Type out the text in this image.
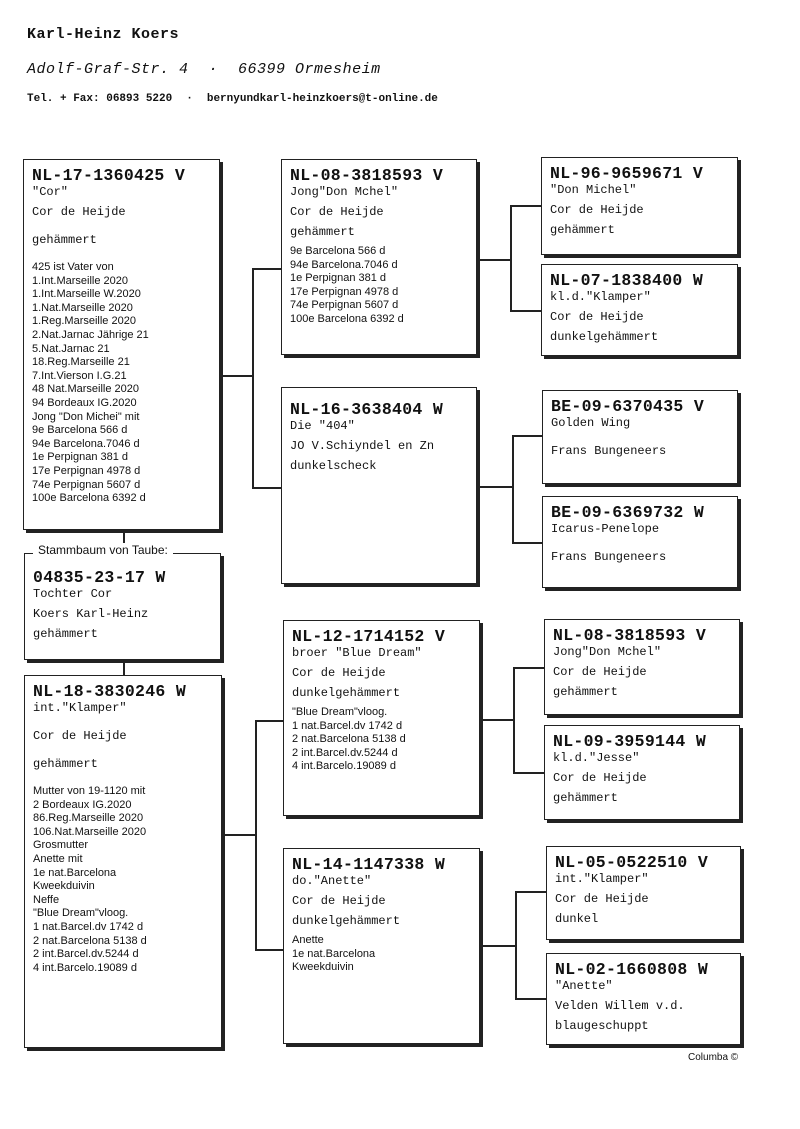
Karl-Heinz Koers
Adolf-Graf-Str. 4 · 66399 Ormesheim
Tel. + Fax: 06893 5220 · bernyundkarl-heinzkoers@t-online.de
NL-17-1360425 V
"Cor"
Cor de Heijde
gehämmert
425 ist Vater von
1.Int.Marseille 2020
1.Int.Marseille W.2020
1.Nat.Marseille 2020
1.Reg.Marseille 2020
2.Nat.Jarnac Jährige 21
5.Nat.Jarnac 21
18.Reg.Marseille 21
7.Int.Vierson I.G.21
48 Nat.Marseille 2020
94 Bordeaux IG.2020
Jong "Don Michei" mit
9e Barcelona 566 d
94e Barcelona.7046 d
1e Perpignan 381 d
17e Perpignan 4978 d
74e Perpignan 5607 d
100e Barcelona 6392 d
04835-23-17 W
Tochter Cor
Koers Karl-Heinz
gehämmert
Stammbaum von Taube:
NL-18-3830246 W
int."Klamper"
Cor de Heijde
gehämmert
Mutter von 19-1120 mit
2 Bordeaux IG.2020
86.Reg.Marseille 2020
106.Nat.Marseille 2020
Grosmutter
Anette mit
1e nat.Barcelona
Kweekduivin
Neffe
"Blue Dream"vloog.
1 nat.Barcel.dv 1742 d
2 nat.Barcelona 5138 d
2 int.Barcel.dv.5244 d
4 int.Barcelo.19089 d
NL-08-3818593 V
Jong"Don Mchel"
Cor de Heijde
gehämmert
9e Barcelona 566 d
94e Barcelona.7046 d
1e Perpignan 381 d
17e Perpignan 4978 d
74e Perpignan 5607 d
100e Barcelona 6392 d
NL-16-3638404 W
Die "404"
JO V.Schiyndel en Zn
dunkelscheck
NL-12-1714152 V
broer "Blue Dream"
Cor de Heijde
dunkelgehämmert
"Blue Dream"vloog.
1 nat.Barcel.dv 1742 d
2 nat.Barcelona 5138 d
2 int.Barcel.dv.5244 d
4 int.Barcelo.19089 d
NL-14-1147338 W
do."Anette"
Cor de Heijde
dunkelgehämmert
Anette
1e nat.Barcelona
Kweekduivin
NL-96-9659671 V
"Don Michel"
Cor de Heijde
gehämmert
NL-07-1838400 W
kl.d."Klamper"
Cor de Heijde
dunkelgehämmert
BE-09-6370435 V
Golden Wing
Frans Bungeneers
BE-09-6369732 W
Icarus-Penelope
Frans Bungeneers
NL-08-3818593 V
Jong"Don Mchel"
Cor de Heijde
gehämmert
NL-09-3959144 W
kl.d."Jesse"
Cor de Heijde
gehämmert
NL-05-0522510 V
int."Klamper"
Cor de Heijde
dunkel
NL-02-1660808 W
"Anette"
Velden Willem v.d.
blaugeschuppt
Columba ©
